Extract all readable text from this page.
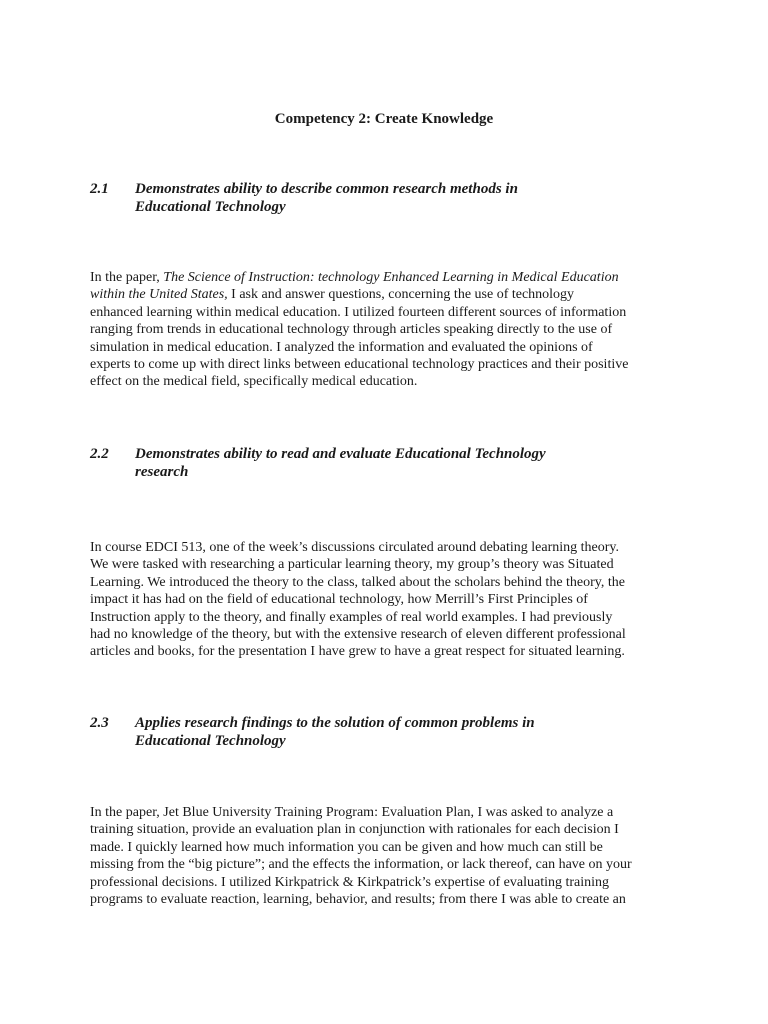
Competency 2: Create Knowledge
2.1 Demonstrates ability to describe common research methods in
Educational Technology
In the paper, The Science of Instruction: technology Enhanced Learning in Medical Education
within the United States, I ask and answer questions, concerning the use of technology
enhanced learning within medical education. I utilized fourteen different sources of information
ranging from trends in educational technology through articles speaking directly to the use of
simulation in medical education. I analyzed the information and evaluated the opinions of
experts to come up with direct links between educational technology practices and their positive
effect on the medical field, specifically medical education.
2.2 Demonstrates ability to read and evaluate Educational Technology
research
In course EDCI 513, one of the week’s discussions circulated around debating learning theory.
We were tasked with researching a particular learning theory, my group’s theory was Situated
Learning. We introduced the theory to the class, talked about the scholars behind the theory, the
impact it has had on the field of educational technology, how Merrill’s First Principles of
Instruction apply to the theory, and finally examples of real world examples. I had previously
had no knowledge of the theory, but with the extensive research of eleven different professional
articles and books, for the presentation I have grew to have a great respect for situated learning.
2.3 Applies research findings to the solution of common problems in
Educational Technology
In the paper, Jet Blue University Training Program: Evaluation Plan, I was asked to analyze a
training situation, provide an evaluation plan in conjunction with rationales for each decision I
made. I quickly learned how much information you can be given and how much can still be
missing from the “big picture”; and the effects the information, or lack thereof, can have on your
professional decisions. I utilized Kirkpatrick & Kirkpatrick’s expertise of evaluating training
programs to evaluate reaction, learning, behavior, and results; from there I was able to create an
